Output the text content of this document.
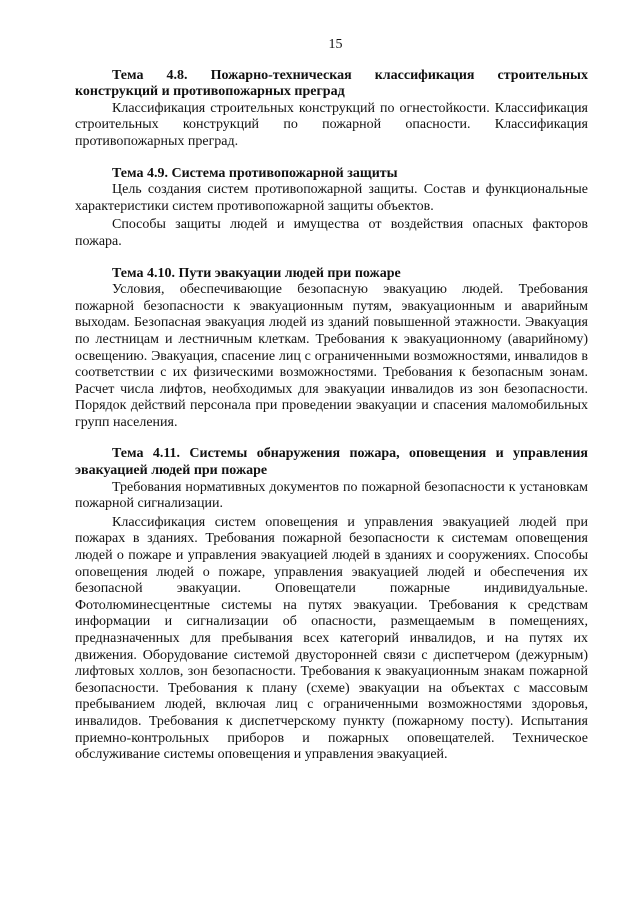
15

Тема 4.8. Пожарно-техническая классификация строительных конструкций и противопожарных преград

Классификация строительных конструкций по огнестойкости. Классификация строительных конструкций по пожарной опасности. Классификация противопожарных преград.

Тема 4.9. Система противопожарной защиты

Цель создания систем противопожарной защиты. Состав и функциональные характеристики систем противопожарной защиты объектов.

Способы защиты людей и имущества от воздействия опасных факторов пожара.

Тема 4.10. Пути эвакуации людей при пожаре

Условия, обеспечивающие безопасную эвакуацию людей. Требования пожарной безопасности к эвакуационным путям, эвакуационным и аварийным выходам. Безопасная эвакуация людей из зданий повышенной этажности. Эвакуация по лестницам и лестничным клеткам. Требования к эвакуационному (аварийному) освещению. Эвакуация, спасение лиц с ограниченными возможностями, инвалидов в соответствии с их физическими возможностями. Требования к безопасным зонам. Расчет числа лифтов, необходимых для эвакуации инвалидов из зон безопасности. Порядок действий персонала при проведении эвакуации и спасения маломобильных групп населения.

Тема 4.11. Системы обнаружения пожара, оповещения и управления эвакуацией людей при пожаре

Требования нормативных документов по пожарной безопасности к установкам пожарной сигнализации.

Классификация систем оповещения и управления эвакуацией людей при пожарах в зданиях. Требования пожарной безопасности к системам оповещения людей о пожаре и управления эвакуацией людей в зданиях и сооружениях. Способы оповещения людей о пожаре, управления эвакуацией людей и обеспечения их безопасной эвакуации. Оповещатели пожарные индивидуальные. Фотолюминесцентные системы на путях эвакуации. Требования к средствам информации и сигнализации об опасности, размещаемым в помещениях, предназначенных для пребывания всех категорий инвалидов, и на путях их движения. Оборудование системой двусторонней связи с диспетчером (дежурным) лифтовых холлов, зон безопасности. Требования к эвакуационным знакам пожарной безопасности. Требования к плану (схеме) эвакуации на объектах с массовым пребыванием людей, включая лиц с ограниченными возможностями здоровья, инвалидов. Требования к диспетчерскому пункту (пожарному посту). Испытания приемно-контрольных приборов и пожарных оповещателей. Техническое обслуживание системы оповещения и управления эвакуацией.
